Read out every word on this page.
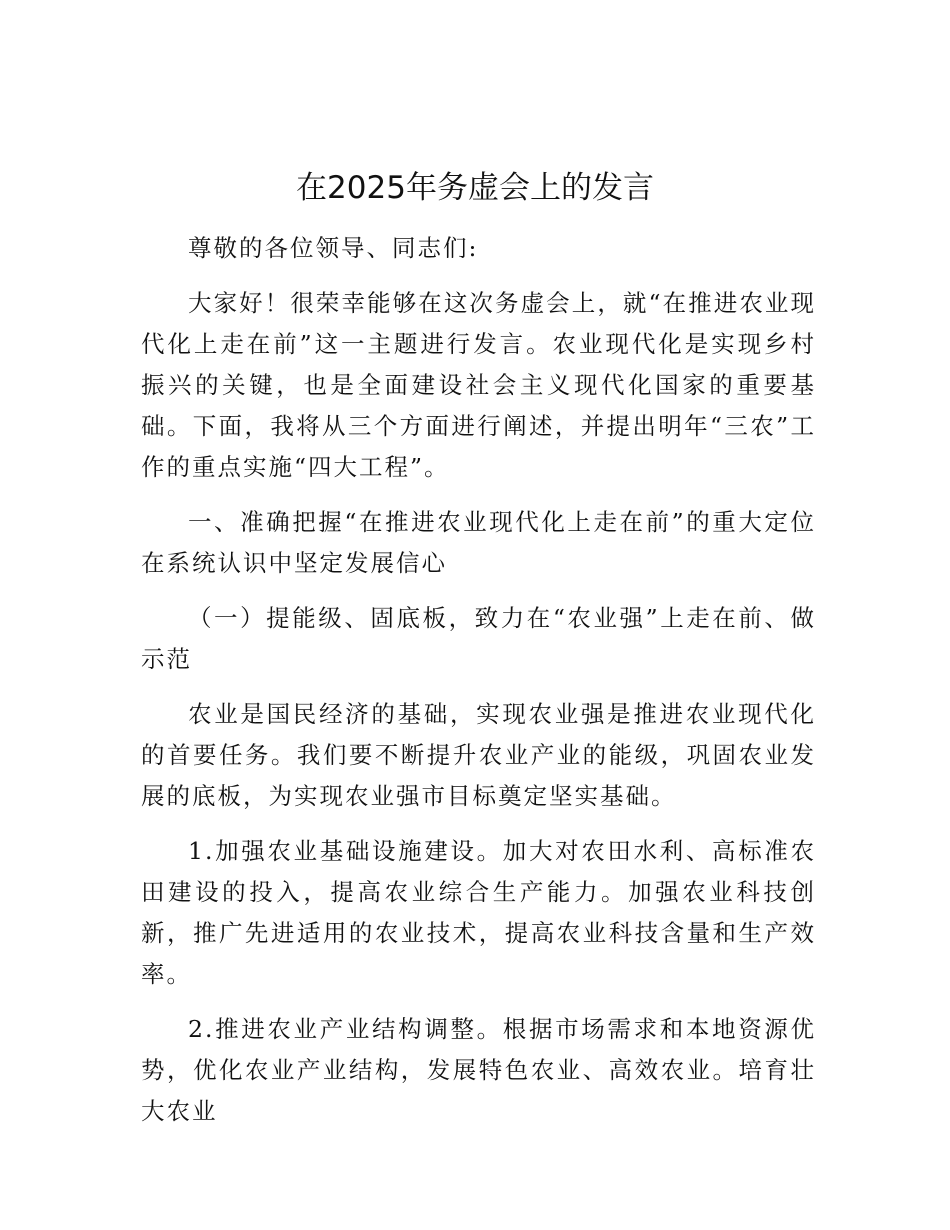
在2025年务虚会上的发言

尊敬的各位领导、同志们:

大家好！很荣幸能够在这次务虚会上，就“在推进农业现代化上走在前”这一主题进行发言。农业现代化是实现乡村振兴的关键，也是全面建设社会主义现代化国家的重要基础。下面，我将从三个方面进行阐述，并提出明年“三农”工作的重点实施“四大工程”。

一、准确把握“在推进农业现代化上走在前”的重大定位在系统认识中坚定发展信心

（一）提能级、固底板，致力在“农业强”上走在前、做示范

农业是国民经济的基础，实现农业强是推进农业现代化的首要任务。我们要不断提升农业产业的能级，巩固农业发展的底板，为实现农业强市目标奠定坚实基础。

1.加强农业基础设施建设。加大对农田水利、高标准农田建设的投入，提高农业综合生产能力。加强农业科技创新，推广先进适用的农业技术，提高农业科技含量和生产效率。

2.推进农业产业结构调整。根据市场需求和本地资源优势，优化农业产业结构，发展特色农业、高效农业。培育壮大农业
